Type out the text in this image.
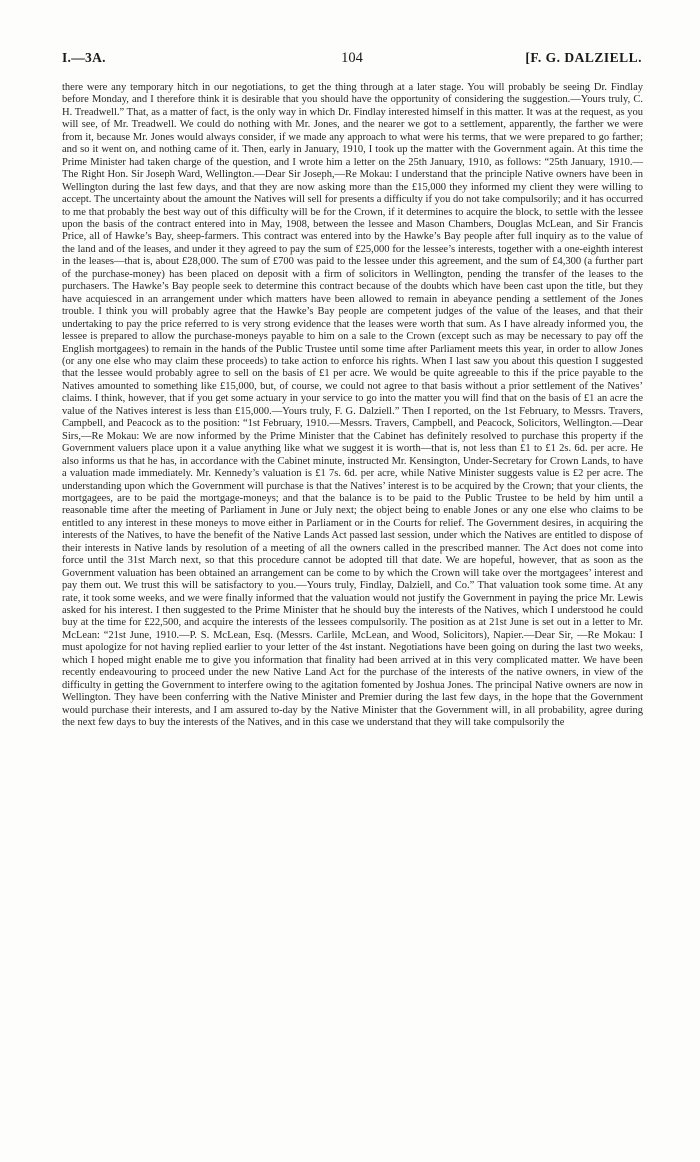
I.—3A.	104	[F. G. DALZIELL.

there were any temporary hitch in our negotiations, to get the thing through at a later stage. You will probably be seeing Dr. Findlay before Monday, and I therefore think it is desirable that you should have the opportunity of considering the suggestion.—Yours truly, C. H. Treadwell.” That, as a matter of fact, is the only way in which Dr. Findlay interested himself in this matter. It was at the request, as you will see, of Mr. Treadwell. We could do nothing with Mr. Jones, and the nearer we got to a settlement, apparently, the farther we were from it, because Mr. Jones would always consider, if we made any approach to what were his terms, that we were prepared to go farther; and so it went on, and nothing came of it. Then, early in January, 1910, I took up the matter with the Government again. At this time the Prime Minister had taken charge of the question, and I wrote him a letter on the 25th January, 1910, as follows: “25th January, 1910.—The Right Hon. Sir Joseph Ward, Wellington.—Dear Sir Joseph,—Re Mokau: I understand that the principle Native owners have been in Wellington during the last few days, and that they are now asking more than the £15,000 they informed my client they were willing to accept. The uncertainty about the amount the Natives will sell for presents a difficulty if you do not take compulsorily; and it has occurred to me that probably the best way out of this difficulty will be for the Crown, if it determines to acquire the block, to settle with the lessee upon the basis of the contract entered into in May, 1908, between the lessee and Mason Chambers, Douglas McLean, and Sir Francis Price, all of Hawke’s Bay, sheep-farmers. This contract was entered into by the Hawke’s Bay people after full inquiry as to the value of the land and of the leases, and under it they agreed to pay the sum of £25,000 for the lessee’s interests, together with a one-eighth interest in the leases—that is, about £28,000. The sum of £700 was paid to the lessee under this agreement, and the sum of £4,300 (a further part of the purchase-money) has been placed on deposit with a firm of solicitors in Wellington, pending the transfer of the leases to the purchasers. The Hawke’s Bay people seek to determine this contract because of the doubts which have been cast upon the title, but they have acquiesced in an arrangement under which matters have been allowed to remain in abeyance pending a settlement of the Jones trouble. I think you will probably agree that the Hawke’s Bay people are competent judges of the value of the leases, and that their undertaking to pay the price referred to is very strong evidence that the leases were worth that sum. As I have already informed you, the lessee is prepared to allow the purchase-moneys payable to him on a sale to the Crown (except such as may be necessary to pay off the English mortgagees) to remain in the hands of the Public Trustee until some time after Parliament meets this year, in order to allow Jones (or any one else who may claim these proceeds) to take action to enforce his rights. When I last saw you about this question I suggested that the lessee would probably agree to sell on the basis of £1 per acre. We would be quite agreeable to this if the price payable to the Natives amounted to something like £15,000, but, of course, we could not agree to that basis without a prior settlement of the Natives’ claims. I think, however, that if you get some actuary in your service to go into the matter you will find that on the basis of £1 an acre the value of the Natives interest is less than £15,000.—Yours truly, F. G. Dalziell.” Then I reported, on the 1st February, to Messrs. Travers, Campbell, and Peacock as to the position: “1st February, 1910.—Messrs. Travers, Campbell, and Peacock, Solicitors, Wellington.—Dear Sirs,—Re Mokau: We are now informed by the Prime Minister that the Cabinet has definitely resolved to purchase this property if the Government valuers place upon it a value anything like what we suggest it is worth—that is, not less than £1 to £1 2s. 6d. per acre. He also informs us that he has, in accordance with the Cabinet minute, instructed Mr. Kensington, Under-Secretary for Crown Lands, to have a valuation made immediately. Mr. Kennedy’s valuation is £1 7s. 6d. per acre, while Native Minister suggests value is £2 per acre. The understanding upon which the Government will purchase is that the Natives’ interest is to be acquired by the Crown; that your clients, the mortgagees, are to be paid the mortgage-moneys; and that the balance is to be paid to the Public Trustee to be held by him until a reasonable time after the meeting of Parliament in June or July next; the object being to enable Jones or any one else who claims to be entitled to any interest in these moneys to move either in Parliament or in the Courts for relief. The Government desires, in acquiring the interests of the Natives, to have the benefit of the Native Lands Act passed last session, under which the Natives are entitled to dispose of their interests in Native lands by resolution of a meeting of all the owners called in the prescribed manner. The Act does not come into force until the 31st March next, so that this procedure cannot be adopted till that date. We are hopeful, however, that as soon as the Government valuation has been obtained an arrangement can be come to by which the Crown will take over the mortgagees’ interest and pay them out. We trust this will be satisfactory to you.—Yours truly, Findlay, Dalziell, and Co.” That valuation took some time. At any rate, it took some weeks, and we were finally informed that the valuation would not justify the Government in paying the price Mr. Lewis asked for his interest. I then suggested to the Prime Minister that he should buy the interests of the Natives, which I understood he could buy at the time for £22,500, and acquire the interests of the lessees compulsorily. The position as at 21st June is set out in a letter to Mr. McLean: “21st June, 1910.—P. S. McLean, Esq. (Messrs. Carlile, McLean, and Wood, Solicitors), Napier.—Dear Sir, —Re Mokau: I must apologize for not having replied earlier to your letter of the 4st instant. Negotiations have been going on during the last two weeks, which I hoped might enable me to give you information that finality had been arrived at in this very complicated matter. We have been recently endeavouring to proceed under the new Native Land Act for the purchase of the interests of the native owners, in view of the difficulty in getting the Government to interfere owing to the agitation fomented by Joshua Jones. The principal Native owners are now in Wellington. They have been conferring with the Native Minister and Premier during the last few days, in the hope that the Government would purchase their interests, and I am assured to-day by the Native Minister that the Government will, in all probability, agree during the next few days to buy the interests of the Natives, and in this case we understand that they will take compulsorily the
